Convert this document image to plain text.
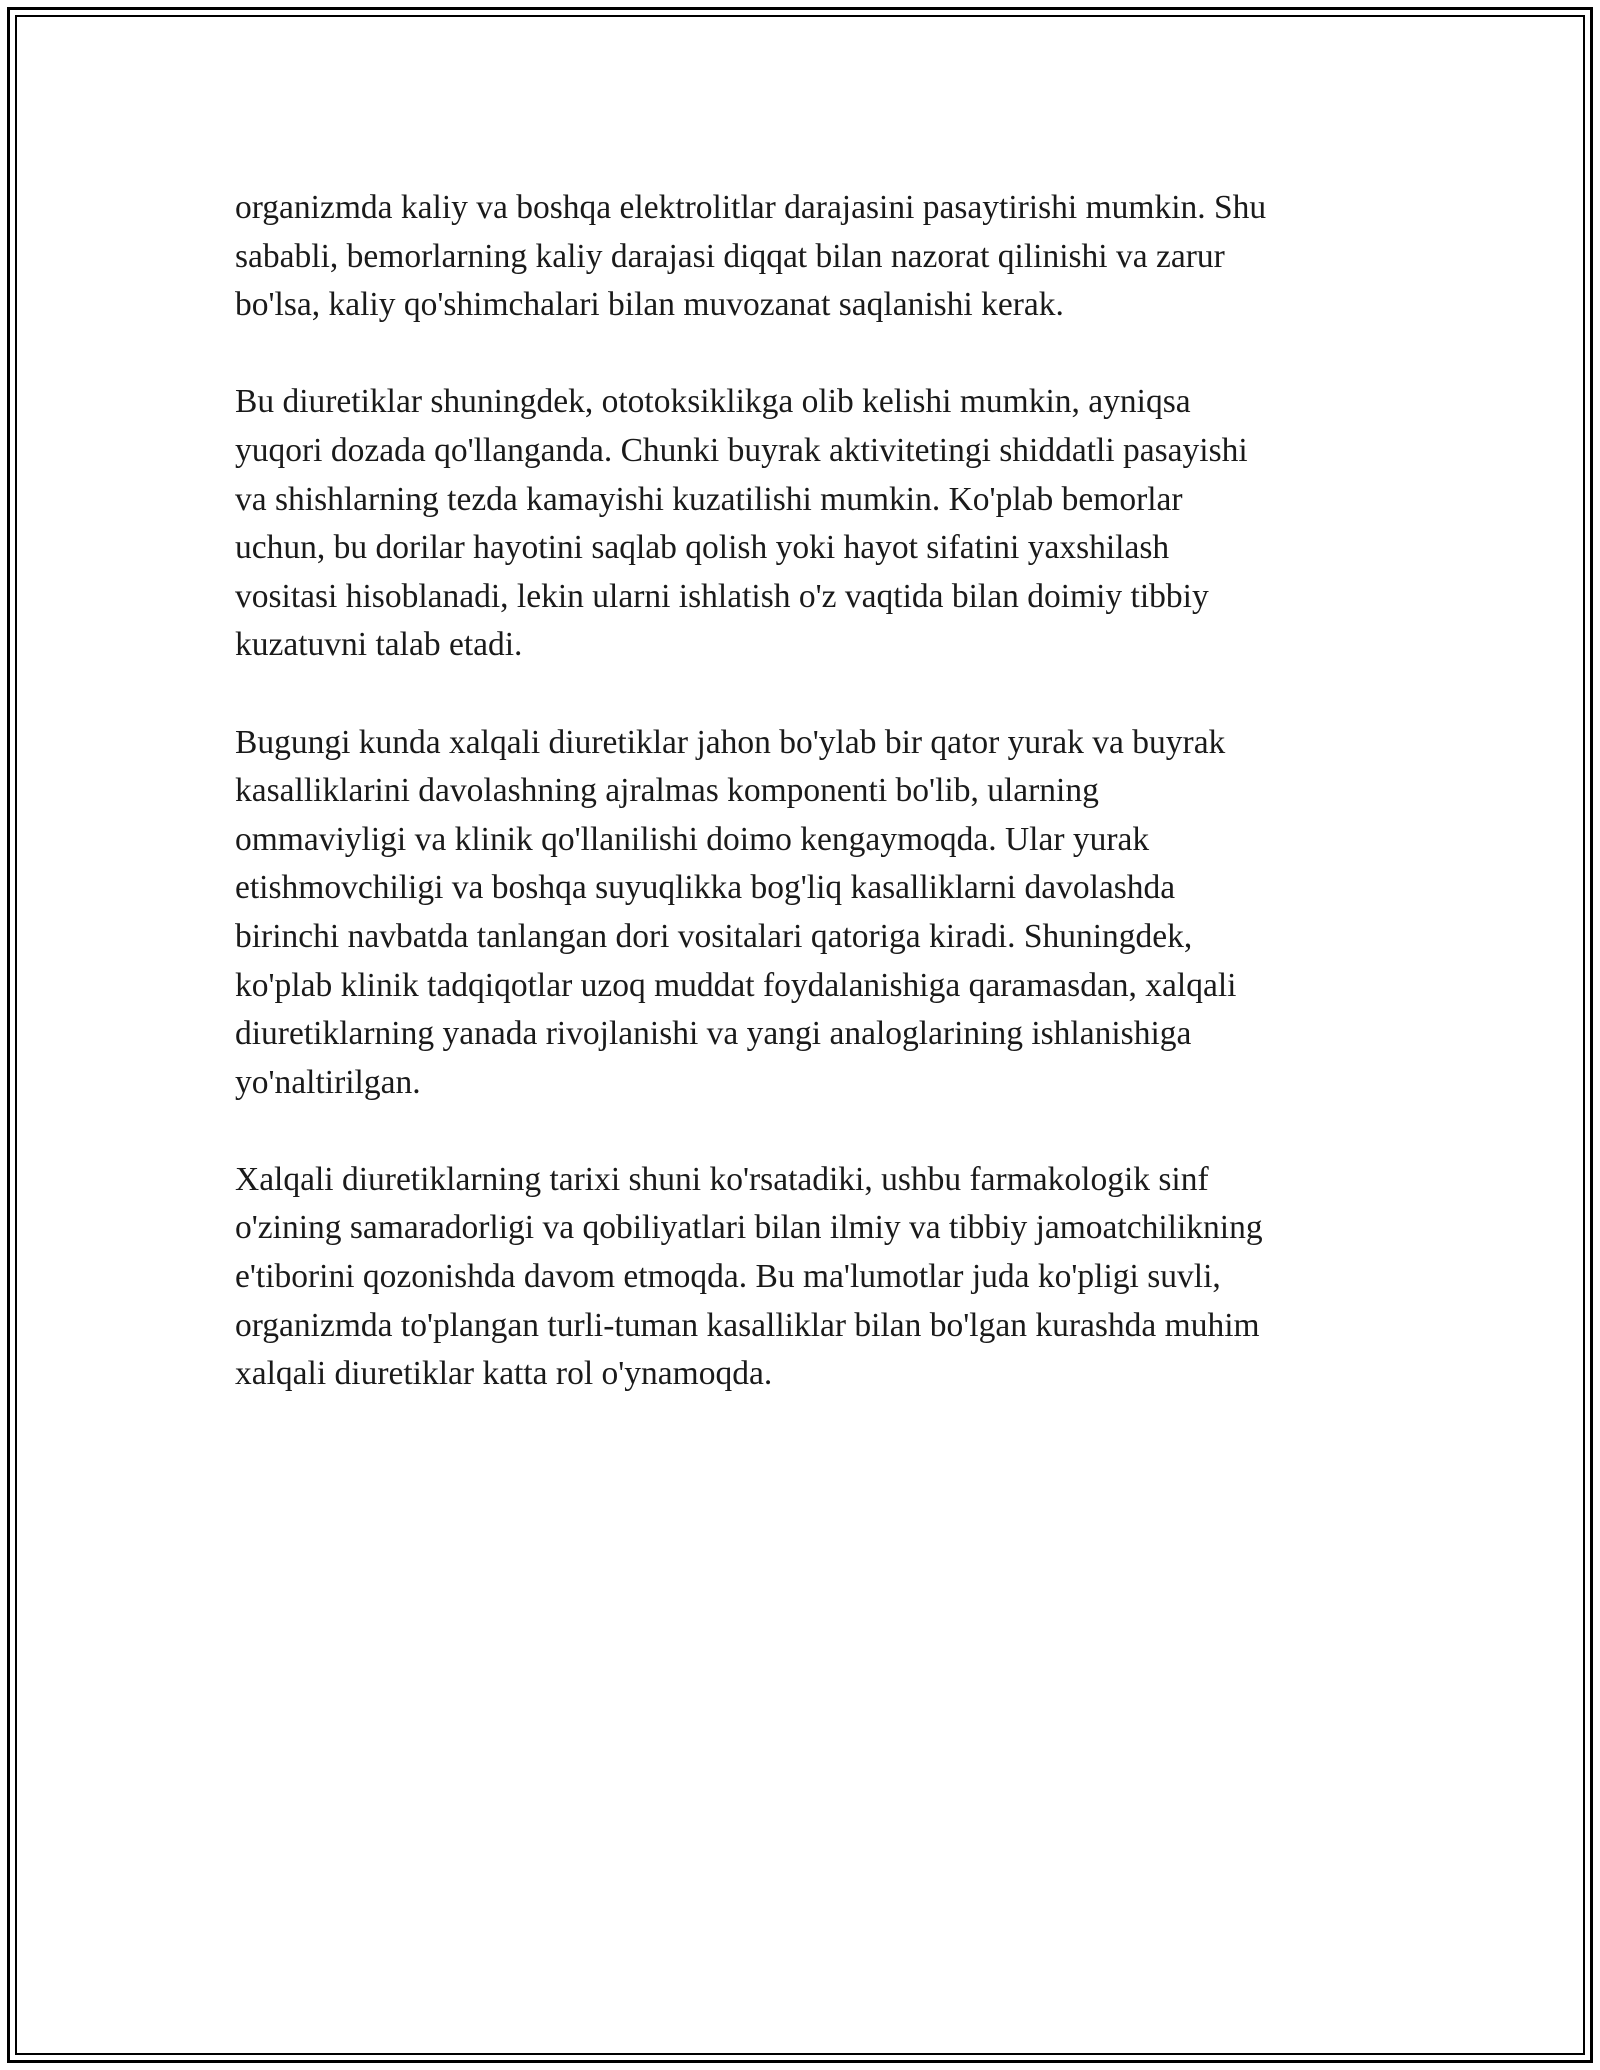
organizmda kaliy va boshqa elektrolitlar darajasini pasaytirishi mumkin. Shu
sababli, bemorlarning kaliy darajasi diqqat bilan nazorat qilinishi va zarur
bo'lsa, kaliy qo'shimchalari bilan muvozanat saqlanishi kerak.

Bu diuretiklar shuningdek, ototoksiklikga olib kelishi mumkin, ayniqsa
yuqori dozada qo'llanganda. Chunki buyrak aktivitetingi shiddatli pasayishi
va shishlarning tezda kamayishi kuzatilishi mumkin. Ko'plab bemorlar
uchun, bu dorilar hayotini saqlab qolish yoki hayot sifatini yaxshilash
vositasi hisoblanadi, lekin ularni ishlatish o'z vaqtida bilan doimiy tibbiy
kuzatuvni talab etadi.

Bugungi kunda xalqali diuretiklar jahon bo'ylab bir qator yurak va buyrak
kasalliklarini davolashning ajralmas komponenti bo'lib, ularning
ommaviyligi va klinik qo'llanilishi doimo kengaymoqda. Ular yurak
etishmovchiligi va boshqa suyuqlikka bog'liq kasalliklarni davolashda
birinchi navbatda tanlangan dori vositalari qatoriga kiradi. Shuningdek,
ko'plab klinik tadqiqotlar uzoq muddat foydalanishiga qaramasdan, xalqali
diuretiklarning yanada rivojlanishi va yangi analoglarining ishlanishiga
yo'naltirilgan.

Xalqali diuretiklarning tarixi shuni ko'rsatadiki, ushbu farmakologik sinf
o'zining samaradorligi va qobiliyatlari bilan ilmiy va tibbiy jamoatchilikning
e'tiborini qozonishda davom etmoqda. Bu ma'lumotlar juda ko'pligi suvli,
organizmda to'plangan turli-tuman kasalliklar bilan bo'lgan kurashda muhim
xalqali diuretiklar katta rol o'ynamoqda.
